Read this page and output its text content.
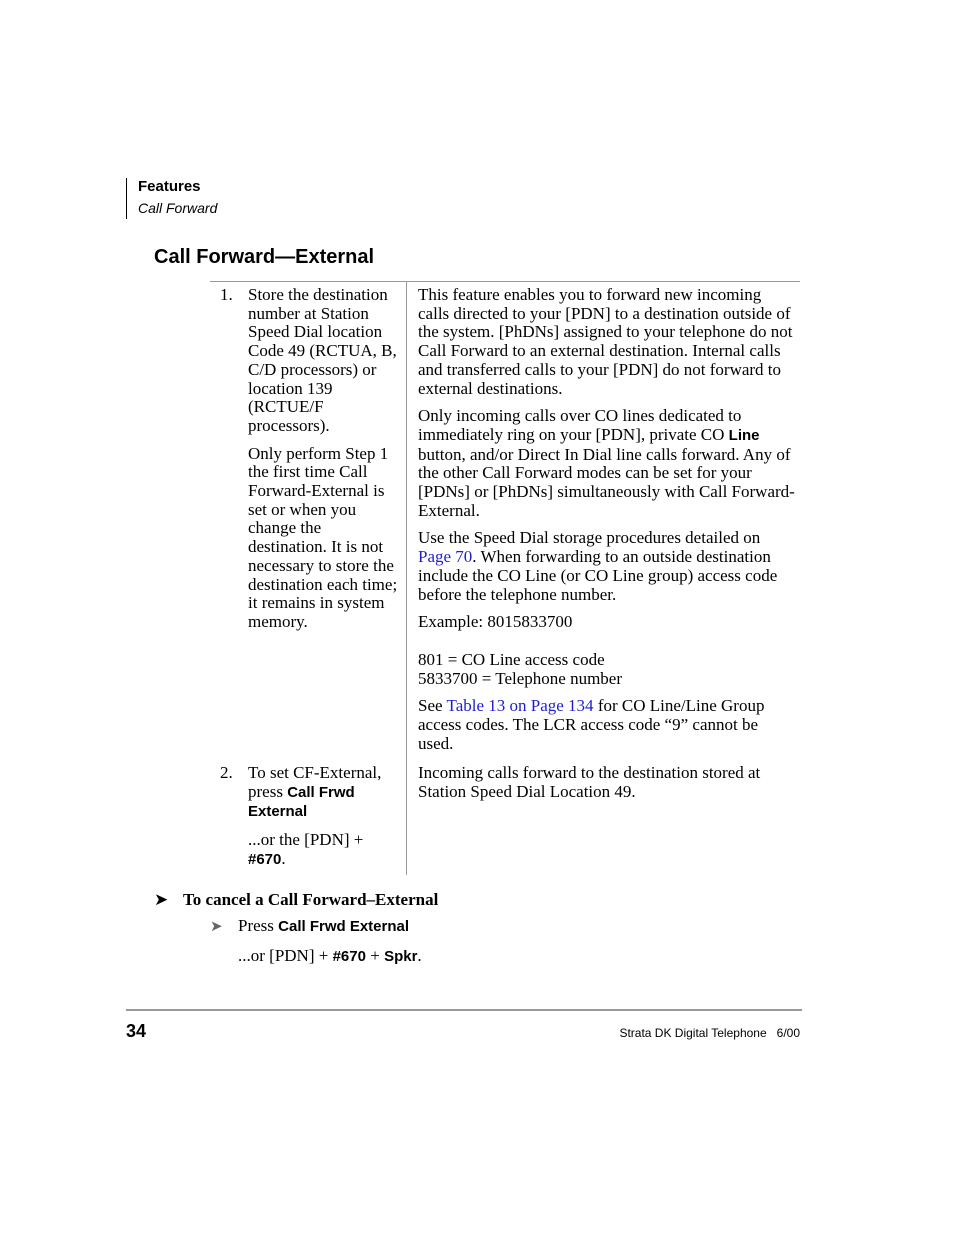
Features
Call Forward
Call Forward—External
1. Store the destination number at Station Speed Dial location Code 49 (RCTUA, B, C/D processors) or location 139 (RCTUE/F processors).

Only perform Step 1 the first time Call Forward-External is set or when you change the destination. It is not necessary to store the destination each time; it remains in system memory.

This feature enables you to forward new incoming calls directed to your [PDN] to a destination outside of the system. [PhDNs] assigned to your telephone do not Call Forward to an external destination. Internal calls and transferred calls to your [PDN] do not forward to external destinations.

Only incoming calls over CO lines dedicated to immediately ring on your [PDN], private CO Line button, and/or Direct In Dial line calls forward. Any of the other Call Forward modes can be set for your [PDNs] or [PhDNs] simultaneously with Call Forward-External.

Use the Speed Dial storage procedures detailed on Page 70. When forwarding to an outside destination include the CO Line (or CO Line group) access code before the telephone number.

Example: 8015833700

801 = CO Line access code

5833700 = Telephone number

See Table 13 on Page 134 for CO Line/Line Group access codes. The LCR access code “9” cannot be used.

2. To set CF-External, press Call Frwd External

...or the [PDN] + #670.

Incoming calls forward to the destination stored at Station Speed Dial Location 49.
➤ To cancel a Call Forward–External
➤ Press Call Frwd External
...or [PDN] + #670 + Spkr.
34	Strata DK Digital Telephone   6/00
